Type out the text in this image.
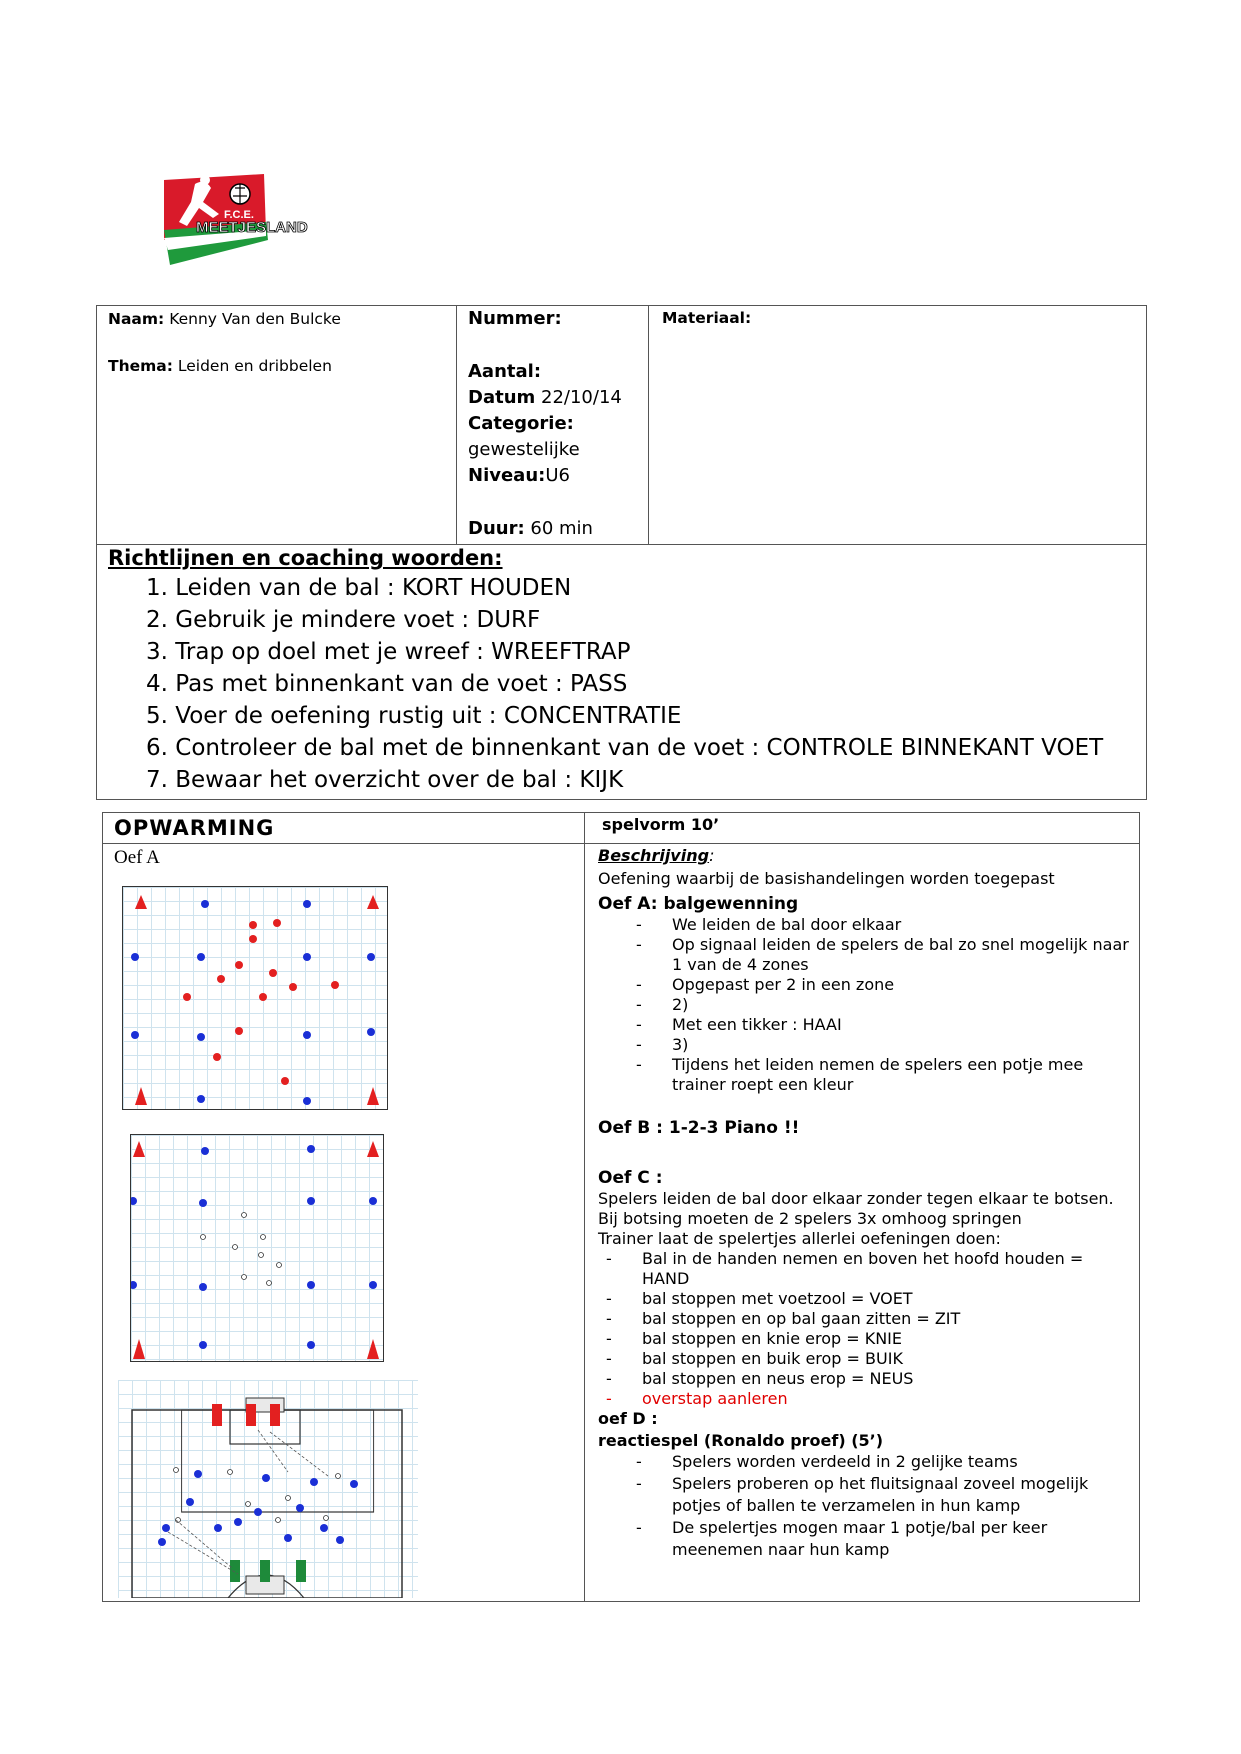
F.C.E.
MEETJESLAND
Naam: Kenny Van den Bulcke
Thema: Leiden en dribbelen
Nummer:
Aantal:
Datum 22/10/14
Categorie:
gewestelijke
Niveau:U6
Duur: 60 min
Materiaal:
Richtlijnen en coaching woorden:
1. Leiden van de bal : KORT HOUDEN
2. Gebruik je mindere voet : DURF
3. Trap op doel met je wreef : WREEFTRAP
4. Pas met binnenkant van de voet : PASS
5. Voer de oefening rustig uit : CONCENTRATIE
6. Controleer de bal met de binnenkant van de voet : CONTROLE BINNEKANT VOET
7. Bewaar het overzicht over de bal : KIJK
OPWARMING	spelvorm 10’
Oef A	Beschrijving:
Oefening waarbij de basishandelingen worden toegepast
Oef A: balgewenning
- We leiden de bal door elkaar
- Op signaal leiden de spelers de bal zo snel mogelijk naar 1 van de 4 zones
- Opgepast per 2 in een zone
- 2)
- Met een tikker : HAAI
- 3)
- Tijdens het leiden nemen de spelers een potje mee trainer roept een kleur
Oef B : 1-2-3 Piano !!
Oef C :
Spelers leiden de bal door elkaar zonder tegen elkaar te botsen.
Bij botsing moeten de 2 spelers 3x omhoog springen
Trainer laat de spelertjes allerlei oefeningen doen:
- Bal in de handen nemen en boven het hoofd houden = HAND
- bal stoppen met voetzool = VOET
- bal stoppen en op bal gaan zitten = ZIT
- bal stoppen en knie erop = KNIE
- bal stoppen en buik erop = BUIK
- bal stoppen en neus erop = NEUS
- overstap aanleren
oef D :
reactiespel (Ronaldo proef) (5’)
- Spelers worden verdeeld in 2 gelijke teams
- Spelers proberen op het fluitsignaal zoveel mogelijk potjes of ballen te verzamelen in hun kamp
- De spelertjes mogen maar 1 potje/bal per keer meenemen naar hun kamp
